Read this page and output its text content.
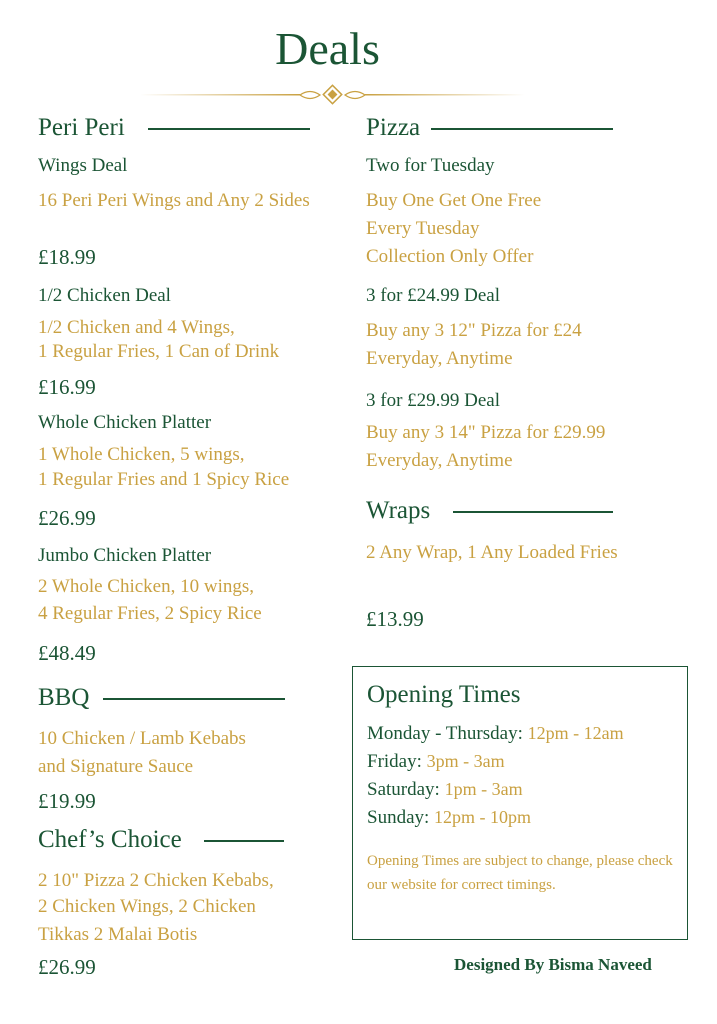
Deals
Peri Peri
Wings Deal
16 Peri Peri Wings and Any 2 Sides
£18.99
1/2 Chicken Deal
1/2 Chicken and 4 Wings,
1 Regular Fries, 1 Can of Drink
£16.99
Whole Chicken Platter
1 Whole Chicken, 5 wings,
1 Regular Fries and 1 Spicy Rice
£26.99
Jumbo Chicken Platter
2 Whole Chicken, 10 wings,
4 Regular Fries, 2 Spicy Rice
£48.49
BBQ
10 Chicken / Lamb Kebabs
and Signature Sauce
£19.99
Chef’s Choice
2 10" Pizza 2 Chicken Kebabs,
2 Chicken Wings, 2 Chicken
Tikkas 2 Malai Botis
£26.99
Pizza
Two for Tuesday
Buy One Get One Free
Every Tuesday
Collection Only Offer
3 for £24.99 Deal
Buy any 3 12" Pizza for £24
Everyday, Anytime
3 for £29.99 Deal
Buy any 3 14" Pizza for £29.99
Everyday, Anytime
Wraps
2 Any Wrap, 1 Any Loaded Fries
£13.99
Opening Times
Monday - Thursday: 12pm - 12am
Friday: 3pm - 3am
Saturday: 1pm - 3am
Sunday: 12pm - 10pm
Opening Times are subject to change, please check our website for correct timings.
Designed By Bisma Naveed
